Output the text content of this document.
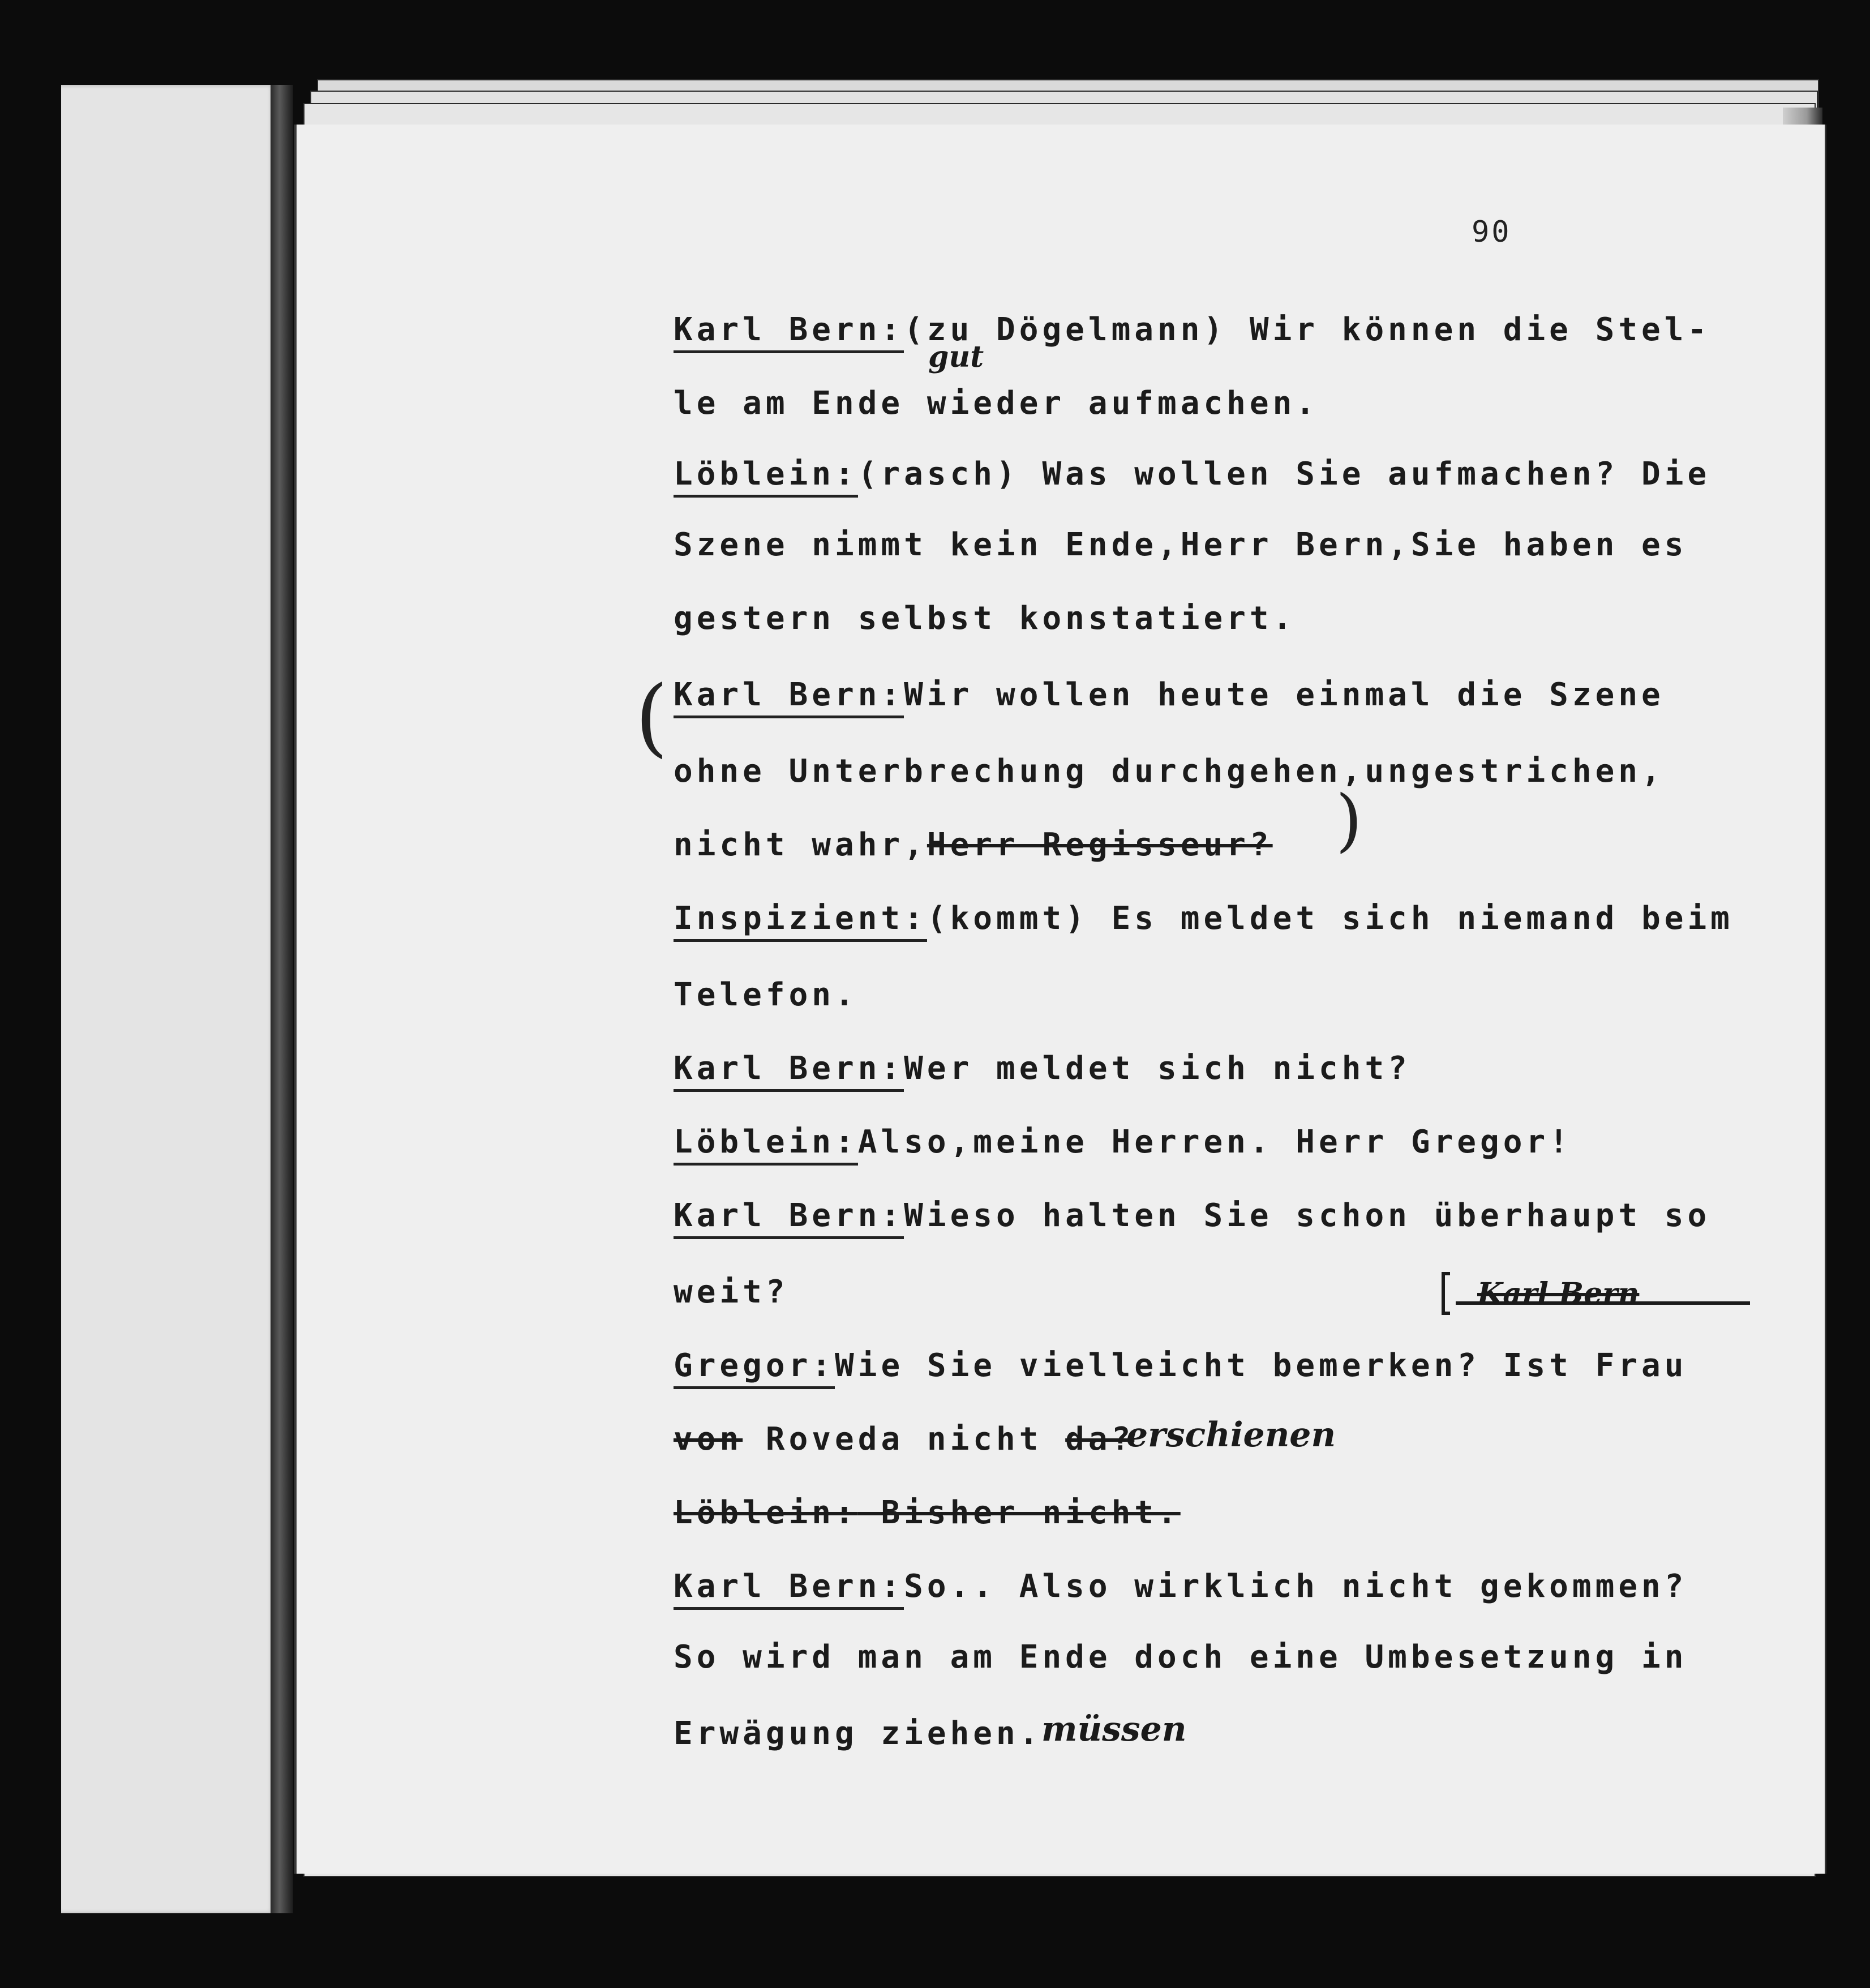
90
Karl Bern:(zu Dögelmann) Wir können die Stel-
le am Ende wieder aufmachen.
Löblein:(rasch) Was wollen Sie aufmachen? Die
Szene nimmt kein Ende,Herr Bern,Sie haben es
gestern selbst konstatiert.
Karl Bern:Wir wollen heute einmal die Szene
ohne Unterbrechung durchgehen,ungestrichen,
nicht wahr,Herr Regisseur?
Inspizient:(kommt) Es meldet sich niemand beim
Telefon.
Karl Bern:Wer meldet sich nicht?
Löblein:Also,meine Herren. Herr Gregor!
Karl Bern:Wieso halten Sie schon überhaupt so
weit?
Gregor:Wie Sie vielleicht bemerken? Ist Frau
von Roveda nicht da?
Löblein: Bisher nicht.
Karl Bern:So.. Also wirklich nicht gekommen?
So wird man am Ende doch eine Umbesetzung in
Erwägung ziehen.
gut
erschienen
müssen
Karl Bern
(
)
